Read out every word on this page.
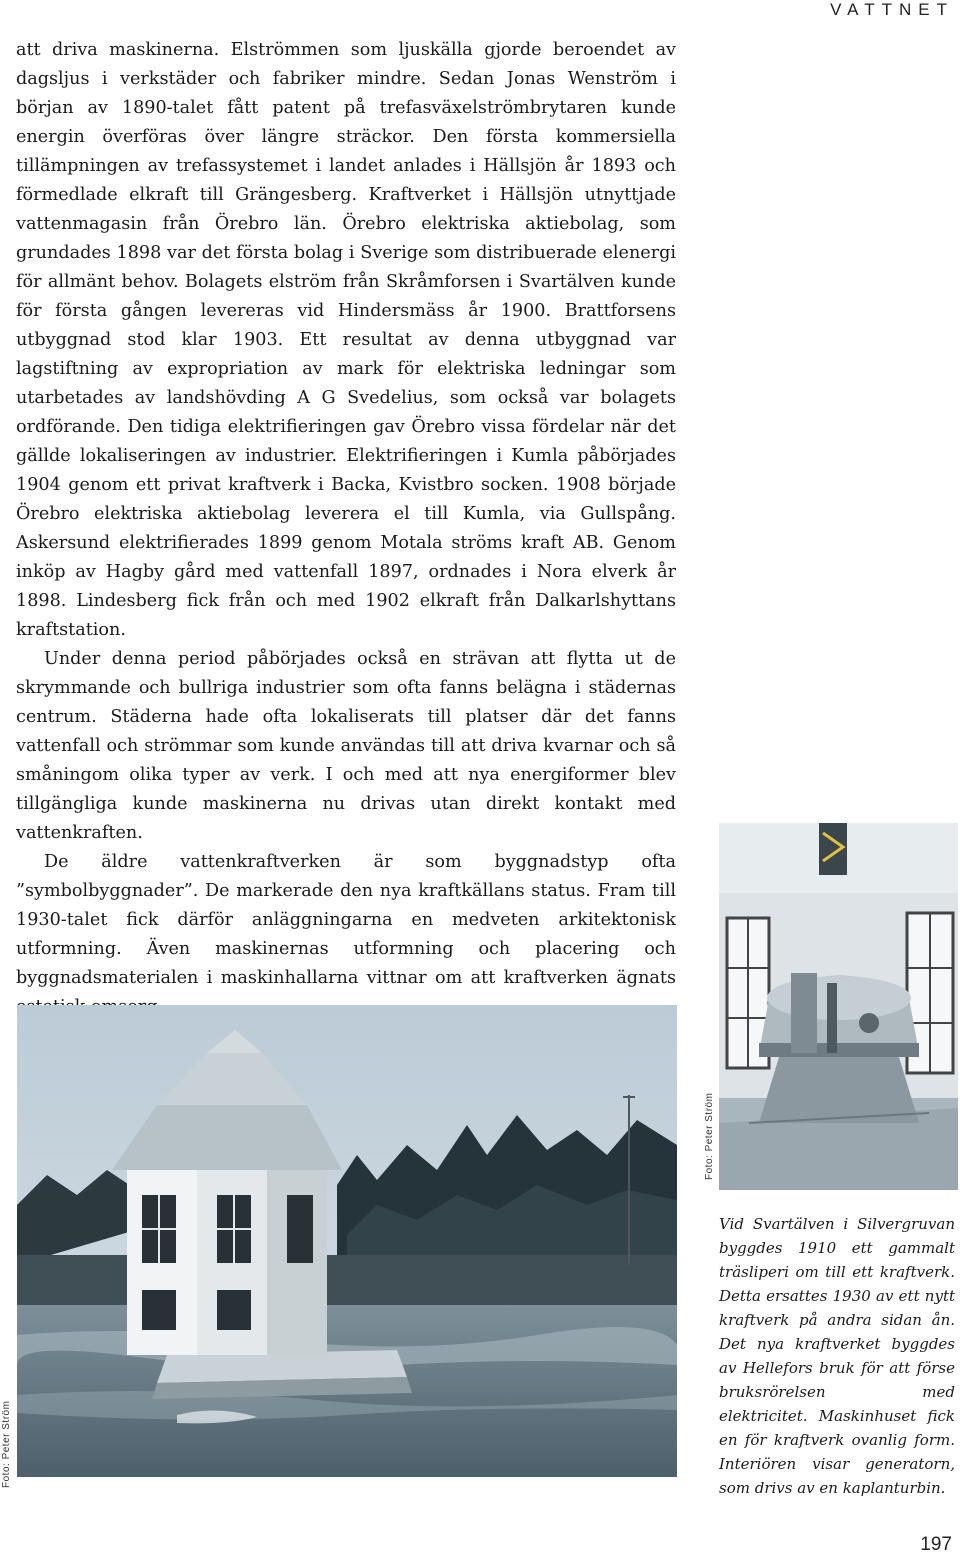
VATTNET

att driva maskinerna. Elströmmen som ljuskälla gjorde beroendet av dagsljus i verkstäder och fabriker mindre. Sedan Jonas Wenström i början av 1890-talet fått patent på trefasväxelströmbrytaren kunde energin överföras över längre sträckor. Den första kommersiella tillämpningen av trefassystemet i landet anlades i Hällsjön år 1893 och förmedlade elkraft till Grängesberg. Kraftverket i Hällsjön utnyttjade vattenmagasin från Örebro län. Örebro elektriska aktiebolag, som grundades 1898 var det första bolag i Sverige som distribuerade elenergi för allmänt behov. Bolagets elström från Skråmforsen i Svartälven kunde för första gången levereras vid Hindersmäss år 1900. Brattforsens utbyggnad stod klar 1903. Ett resultat av denna utbyggnad var lagstiftning av expropriation av mark för elektriska ledningar som utarbetades av landshövding A G Svedelius, som också var bolagets ordförande. Den tidiga elektrifieringen gav Örebro vissa fördelar när det gällde lokaliseringen av industrier. Elektrifieringen i Kumla påbörjades 1904 genom ett privat kraftverk i Backa, Kvistbro socken. 1908 började Örebro elektriska aktiebolag leverera el till Kumla, via Gullspång. Askersund elektrifierades 1899 genom Motala ströms kraft AB. Genom inköp av Hagby gård med vattenfall 1897, ordnades i Nora elverk år 1898. Lindesberg fick från och med 1902 elkraft från Dalkarlshyttans kraftstation.

Under denna period påbörjades också en strävan att flytta ut de skrymmande och bullriga industrier som ofta fanns belägna i städernas centrum. Städerna hade ofta lokaliserats till platser där det fanns vattenfall och strömmar som kunde användas till att driva kvarnar och så småningom olika typer av verk. I och med att nya energiformer blev tillgängliga kunde maskinerna nu drivas utan direkt kontakt med vattenkraften.

De äldre vattenkraftverken är som byggnadstyp ofta ”symbolbyggnader”. De markerade den nya kraftkällans status. Fram till 1930-talet fick därför anläggningarna en medveten arkitektonisk utformning. Även maskinernas utformning och placering och byggnadsmaterialen i maskinhallarna vittnar om att kraftverken ägnats

Foto: Peter Ström
Foto: Peter Ström
Vid Svartälven i Silvergruvan byggdes 1910 ett gammalt träsliperi om till ett kraftverk. Detta ersattes 1930 av ett nytt kraftverk på andra sidan ån. Det nya kraftverket byggdes av Hellefors bruk för att förse bruksrörelsen med elektricitet. Maskinhuset fick en för kraftverk ovanlig form. Interiören visar generatorn, som drivs av en kaplanturbin.
197
